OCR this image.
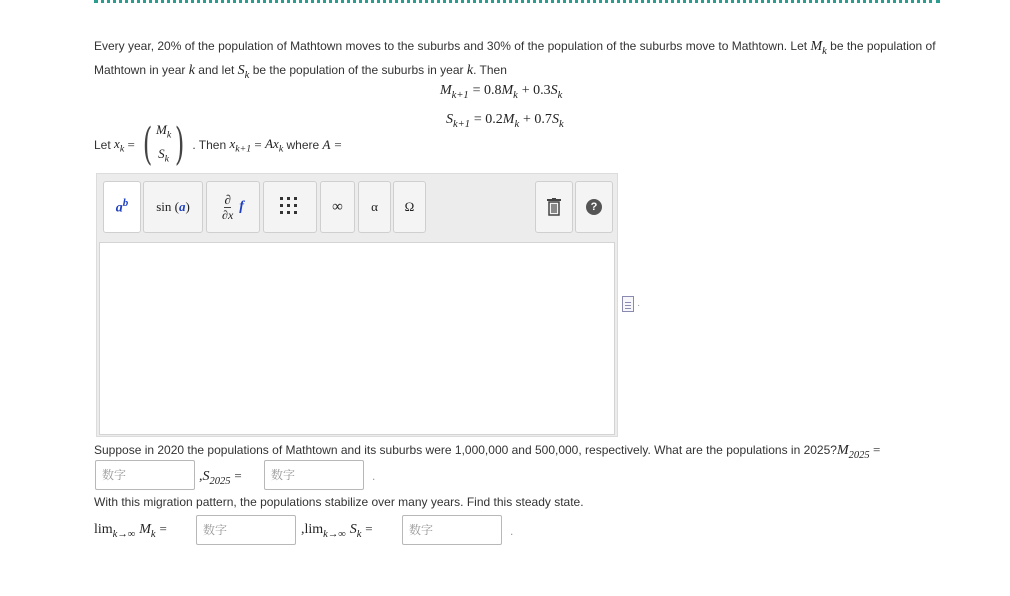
Every year, 20% of the population of Mathtown moves to the suburbs and 30% of the population of the suburbs move to Mathtown. Let $M_k$ be the population of Mathtown in year k and let $S_k$ be the population of the suburbs in year k. Then
$M_{k+1} = 0.8M_k + 0.3S_k$
$S_{k+1} = 0.2M_k + 0.7S_k$
Let
$x_k$
= ( $M_k$
$S_k$ ) . Then
$x_{k+1}$
=
$Ax_k$
where
A =
$a^b$ sin (a)	∂
∂x
f	∞ α Ω	?
·
Suppose in 2020 the populations of Mathtown and its suburbs were 1,000,000 and 500,000, respectively. What are the populations in $2025?M_{2025}$ =
数字	$,S_{2025}$ =	数字	.
With this migration pattern, the populations stabilize over many years. Find this steady state.
$\lim_{k\to\infty} M_k$ =	数字	$,\lim_{k\to\infty}$ $S_k$ =	数字	.
